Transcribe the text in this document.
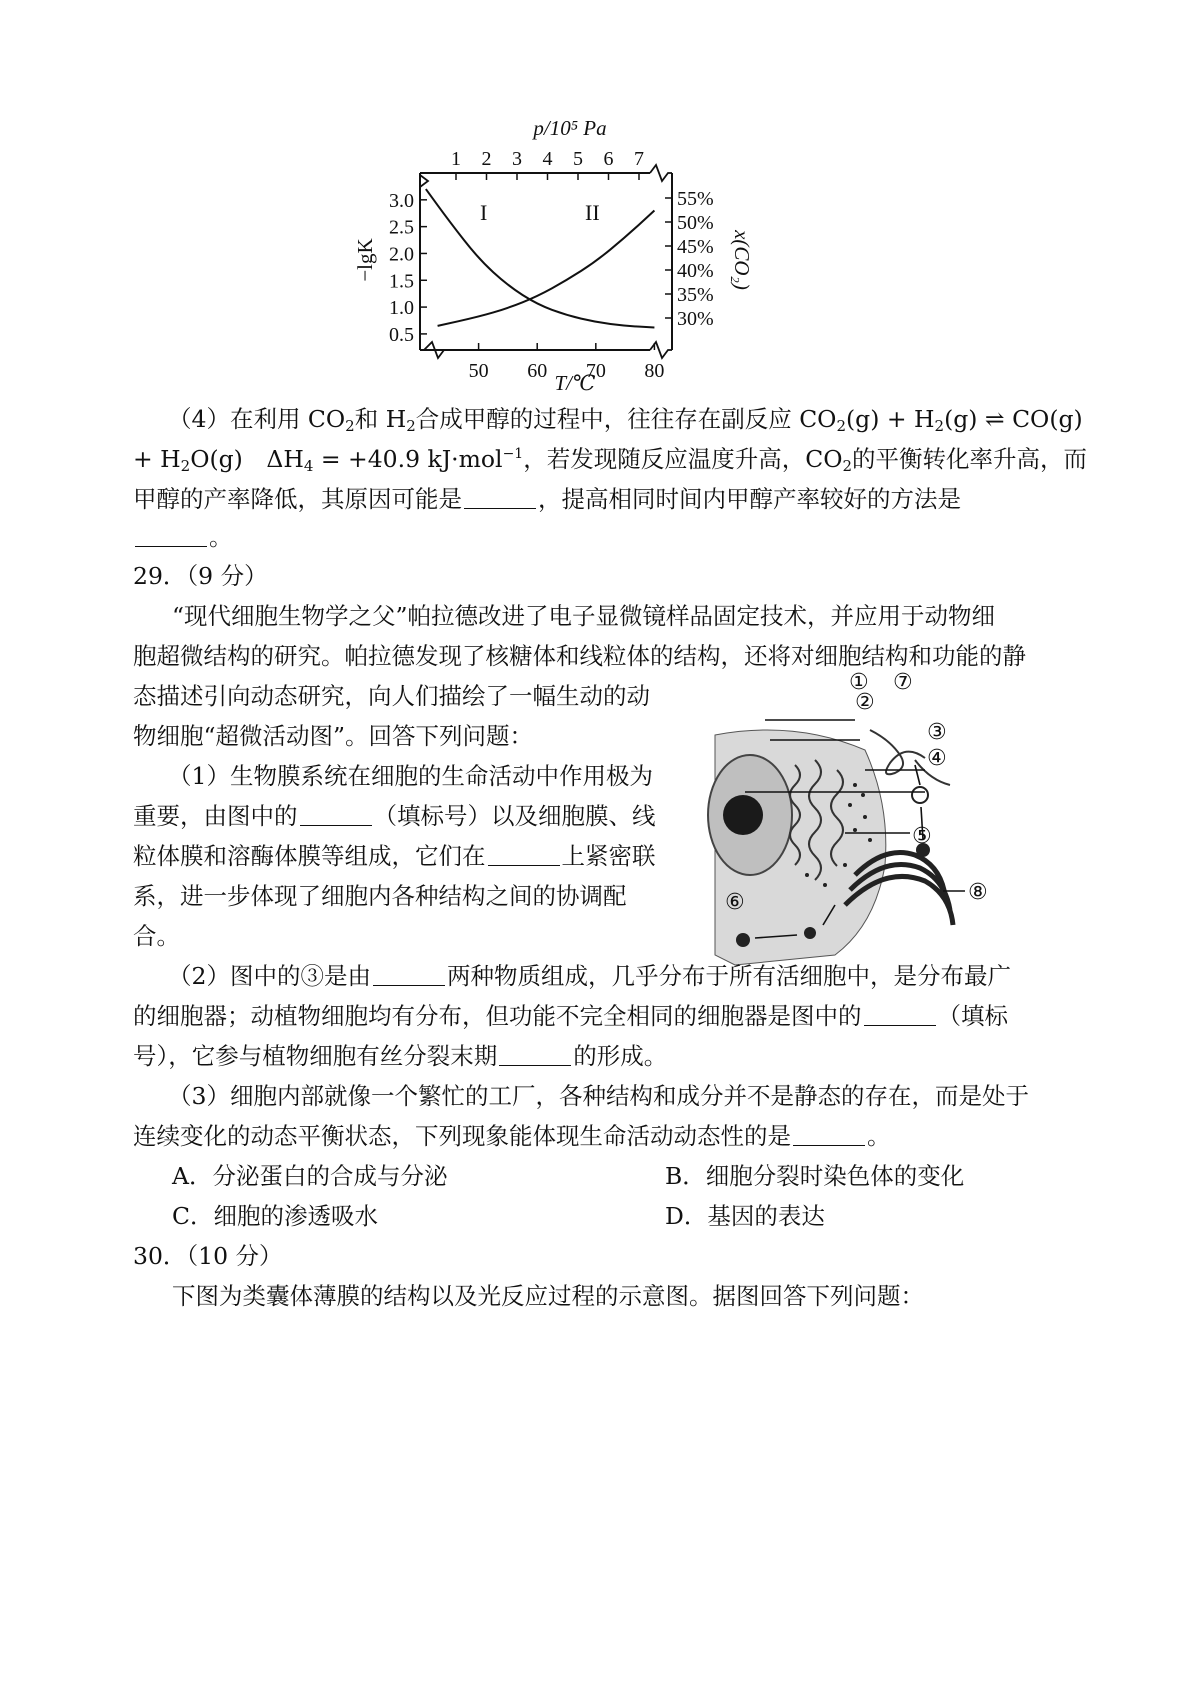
50 60 70 80
1 2 3 4 5 6 7
3.0
2.5
2.0
1.5
1.0
0.5
55%
50%
45%
40%
35%
30%
p/10⁵ Pa
T/℃
−lgK	x(CO₂)
I	II
（4）在利用 $CO_2$和 $H_2$合成甲醇的过程中，往往存在副反应 $CO_2(g) + H_2(g)$ ⇌ CO(g)
+ $H_2O(g)$　$\Delta H_4 = +40.9$ kJ·mol$^{-1}$，若发现随反应温度升高，$CO_2$的平衡转化率升高，而
甲醇的产率降低，其原因可能是	，提高相同时间内甲醇产率较好的方法是
。
29．（9 分）
“现代细胞生物学之父”帕拉德改进了电子显微镜样品固定技术，并应用于动物细
胞超微结构的研究。帕拉德发现了核糖体和线粒体的结构，还将对细胞结构和功能的静
态描述引向动态研究，向人们描绘了一幅生动的动
物细胞“超微活动图”。回答下列问题：
（1）生物膜系统在细胞的生命活动中作用极为
重要，由图中的	（填标号）以及细胞膜、线
粒体膜和溶酶体膜等组成，它们在	上紧密联
系，进一步体现了细胞内各种结构之间的协调配
合。
①
②
③
④
⑤
⑥
⑦
⑧
（2）图中的③是由	两种物质组成，几乎分布于所有活细胞中，是分布最广
的细胞器；动植物细胞均有分布，但功能不完全相同的细胞器是图中的	（填标
号），它参与植物细胞有丝分裂末期	的形成。
（3）细胞内部就像一个繁忙的工厂，各种结构和成分并不是静态的存在，而是处于
连续变化的动态平衡状态，下列现象能体现生命活动动态性的是	。
A．分泌蛋白的合成与分泌	B．细胞分裂时染色体的变化
C．细胞的渗透吸水	D．基因的表达
30．（10 分）
下图为类囊体薄膜的结构以及光反应过程的示意图。据图回答下列问题：
